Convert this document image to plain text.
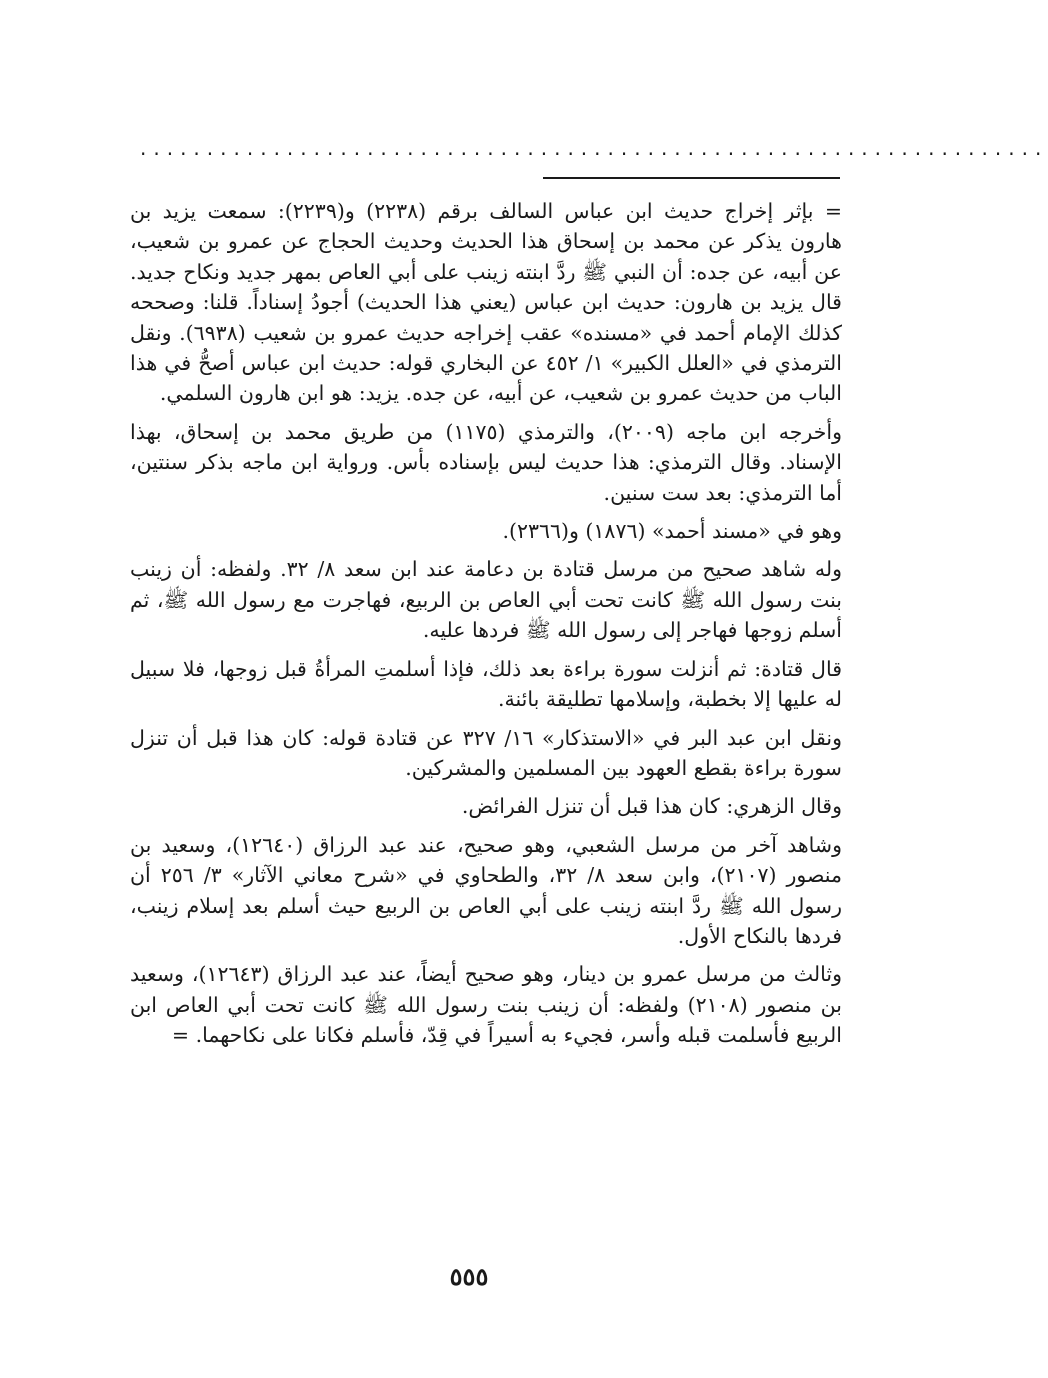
....................................................................

= بإثر إخراج حديث ابن عباس السالف برقم (٢٢٣٨) و(٢٢٣٩): سمعت يزيد بن هارون يذكر عن محمد بن إسحاق هذا الحديث وحديث الحجاج عن عمرو بن شعيب، عن أبيه، عن جده: أن النبي ﷺ ردَّ ابنته زينب على أبي العاص بمهر جديد ونكاح جديد. قال يزيد بن هارون: حديث ابن عباس (يعني هذا الحديث) أجودُ إسناداً. قلنا: وصححه كذلك الإمام أحمد في «مسنده» عقب إخراجه حديث عمرو بن شعيب (٦٩٣٨). ونقل الترمذي في «العلل الكبير» ١/ ٤٥٢ عن البخاري قوله: حديث ابن عباس أصحُّ في هذا الباب من حديث عمرو بن شعيب، عن أبيه، عن جده. يزيد: هو ابن هارون السلمي.

وأخرجه ابن ماجه (٢٠٠٩)، والترمذي (١١٧٥) من طريق محمد بن إسحاق، بهذا الإسناد. وقال الترمذي: هذا حديث ليس بإسناده بأس. ورواية ابن ماجه بذكر سنتين، أما الترمذي: بعد ست سنين.

وهو في «مسند أحمد» (١٨٧٦) و(٢٣٦٦).

وله شاهد صحيح من مرسل قتادة بن دعامة عند ابن سعد ٨/ ٣٢. ولفظه: أن زينب بنت رسول الله ﷺ كانت تحت أبي العاص بن الربيع، فهاجرت مع رسول الله ﷺ، ثم أسلم زوجها فهاجر إلى رسول الله ﷺ فردها عليه.

قال قتادة: ثم أنزلت سورة براءة بعد ذلك، فإذا أسلمتِ المرأةُ قبل زوجها، فلا سبيل له عليها إلا بخطبة، وإسلامها تطليقة بائنة.

ونقل ابن عبد البر في «الاستذكار» ١٦/ ٣٢٧ عن قتادة قوله: كان هذا قبل أن تنزل سورة براءة بقطع العهود بين المسلمين والمشركين.

وقال الزهري: كان هذا قبل أن تنزل الفرائض.

وشاهد آخر من مرسل الشعبي، وهو صحيح، عند عبد الرزاق (١٢٦٤٠)، وسعيد بن منصور (٢١٠٧)، وابن سعد ٨/ ٣٢، والطحاوي في «شرح معاني الآثار» ٣/ ٢٥٦ أن رسول الله ﷺ ردَّ ابنته زينب على أبي العاص بن الربيع حيث أسلم بعد إسلام زينب، فردها بالنكاح الأول.

وثالث من مرسل عمرو بن دينار، وهو صحيح أيضاً، عند عبد الرزاق (١٢٦٤٣)، وسعيد بن منصور (٢١٠٨) ولفظه: أن زينب بنت رسول الله ﷺ كانت تحت أبي العاص ابن الربيع فأسلمت قبله وأسر، فجيء به أسيراً في قِدّ، فأسلم فكانا على نكاحهما. =

٥٥٥
